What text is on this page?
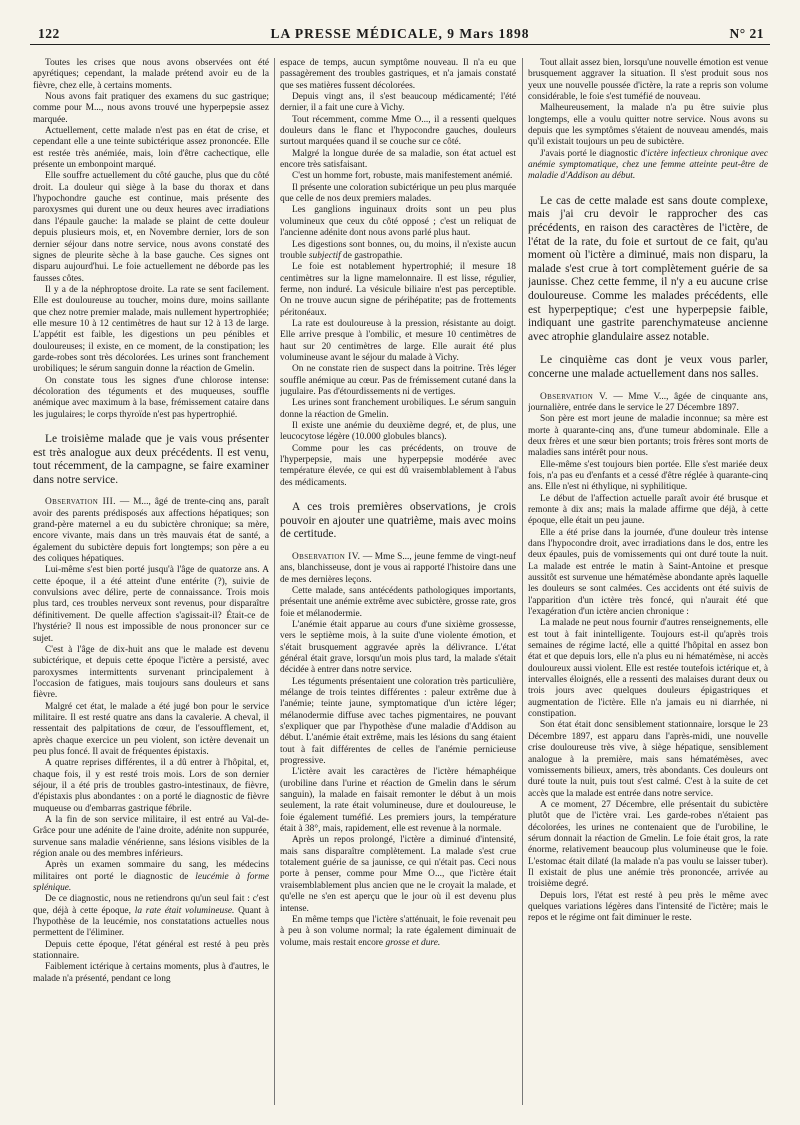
122	LA PRESSE MÉDICALE, 9 Mars 1898	N° 21

Toutes les crises que nous avons observées ont été apyrétiques; cependant, la malade prétend avoir eu de la fièvre, chez elle, à certains moments.

Nous avons fait pratiquer des examens du suc gastrique; comme pour M..., nous avons trouvé une hyperpepsie assez marquée.

Actuellement, cette malade n'est pas en état de crise, et cependant elle a une teinte subictérique assez prononcée. Elle est restée très anémiée, mais, loin d'être cachectique, elle présente un embonpoint marqué.

Elle souffre actuellement du côté gauche, plus que du côté droit. La douleur qui siège à la base du thorax et dans l'hypochondre gauche est continue, mais présente des paroxysmes qui durent une ou deux heures avec irradiations dans l'épaule gauche: la malade se plaint de cette douleur depuis plusieurs mois, et, en Novembre dernier, lors de son dernier séjour dans notre service, nous avons constaté des signes de pleurite sèche à la base gauche. Ces signes ont disparu aujourd'hui. Le foie actuellement ne déborde pas les fausses côtes.

Il y a de la néphroptose droite. La rate se sent facilement. Elle est douloureuse au toucher, moins dure, moins saillante que chez notre premier malade, mais nullement hypertrophiée; elle mesure 10 à 12 centimètres de haut sur 12 à 13 de large. L'appétit est faible, les digestions un peu pénibles et douloureuses; il existe, en ce moment, de la constipation; les garde-robes sont très décolorées. Les urines sont franchement urobiliques; le sérum sanguin donne la réaction de Gmelin.

On constate tous les signes d'une chlorose intense: décoloration des téguments et des muqueuses, souffle anémique avec maximum à la base, frémissement cataire dans les jugulaires; le corps thyroïde n'est pas hypertrophié.

Le troisième malade que je vais vous présenter est très analogue aux deux précédents. Il est venu, tout récemment, de la campagne, se faire examiner dans notre service.

Observation III. — M..., âgé de trente-cinq ans, paraît avoir des parents prédisposés aux affections hépatiques; son grand-père maternel a eu du subictère chronique; sa mère, encore vivante, mais dans un très mauvais état de santé, a également du subictère depuis fort longtemps; son père a eu des coliques hépatiques.

Lui-même s'est bien porté jusqu'à l'âge de quatorze ans. A cette époque, il a été atteint d'une entérite (?), suivie de convulsions avec délire, perte de connaissance. Trois mois plus tard, ces troubles nerveux sont revenus, pour disparaître définitivement. De quelle affection s'agissait-il? Était-ce de l'hystérie? Il nous est impossible de nous prononcer sur ce sujet.

C'est à l'âge de dix-huit ans que le malade est devenu subictérique, et depuis cette époque l'ictère a persisté, avec paroxysmes intermittents survenant principalement à l'occasion de fatigues, mais toujours sans douleurs et sans fièvre.

Malgré cet état, le malade a été jugé bon pour le service militaire. Il est resté quatre ans dans la cavalerie. A cheval, il ressentait des palpitations de cœur, de l'essoufflement, et, après chaque exercice un peu violent, son ictère devenait un peu plus foncé. Il avait de fréquentes épistaxis.

A quatre reprises différentes, il a dû entrer à l'hôpital, et, chaque fois, il y est resté trois mois. Lors de son dernier séjour, il a été pris de troubles gastro-intestinaux, de fièvre, d'épistaxis plus abondantes : on a porté le diagnostic de fièvre muqueuse ou d'embarras gastrique fébrile.

A la fin de son service militaire, il est entré au Val-de-Grâce pour une adénite de l'aine droite, adénite non suppurée, survenue sans maladie vénérienne, sans lésions visibles de la région anale ou des membres inférieurs.

Après un examen sommaire du sang, les médecins militaires ont porté le diagnostic de leucémie à forme splénique.

De ce diagnostic, nous ne retiendrons qu'un seul fait : c'est que, déjà à cette époque, la rate était volumineuse. Quant à l'hypothèse de la leucémie, nos constatations actuelles nous permettent de l'éliminer.

Depuis cette époque, l'état général est resté à peu près stationnaire.

Faiblement ictérique à certains moments, plus à d'autres, le malade n'a présenté, pendant ce long

espace de temps, aucun symptôme nouveau. Il n'a eu que passagèrement des troubles gastriques, et n'a jamais constaté que ses matières fussent décolorées.

Depuis vingt ans, il s'est beaucoup médicamenté; l'été dernier, il a fait une cure à Vichy.

Tout récemment, comme Mme O..., il a ressenti quelques douleurs dans le flanc et l'hypocondre gauches, douleurs surtout marquées quand il se couche sur ce côté.

Malgré la longue durée de sa maladie, son état actuel est encore très satisfaisant.

C'est un homme fort, robuste, mais manifestement anémié.

Il présente une coloration subictérique un peu plus marquée que celle de nos deux premiers malades.

Les ganglions inguinaux droits sont un peu plus volumineux que ceux du côté opposé ; c'est un reliquat de l'ancienne adénite dont nous avons parlé plus haut.

Les digestions sont bonnes, ou, du moins, il n'existe aucun trouble subjectif de gastropathie.

Le foie est notablement hypertrophié; il mesure 18 centimètres sur la ligne mamelonnaire. Il est lisse, régulier, ferme, non induré. La vésicule biliaire n'est pas perceptible. On ne trouve aucun signe de périhépatite; pas de frottements péritonéaux.

La rate est douloureuse à la pression, résistante au doigt. Elle arrive presque à l'ombilic, et mesure 10 centimètres de haut sur 20 centimètres de large. Elle aurait été plus volumineuse avant le séjour du malade à Vichy.

On ne constate rien de suspect dans la poitrine. Très léger souffle anémique au cœur. Pas de frémissement cutané dans la jugulaire. Pas d'étourdissements ni de vertiges.

Les urines sont franchement urobiliques. Le sérum sanguin donne la réaction de Gmelin.

Il existe une anémie du deuxième degré, et, de plus, une leucocytose légère (10.000 globules blancs).

Comme pour les cas précédents, on trouve de l'hyperpepsie, mais une hyperpepsie modérée avec température élevée, ce qui est dû vraisemblablement à l'abus des médicaments.

A ces trois premières observations, je crois pouvoir en ajouter une quatrième, mais avec moins de certitude.

Observation IV. — Mme S..., jeune femme de vingt-neuf ans, blanchisseuse, dont je vous ai rapporté l'histoire dans une de mes dernières leçons.

Cette malade, sans antécédents pathologiques importants, présentait une anémie extrême avec subictère, grosse rate, gros foie et mélanodermie.

L'anémie était apparue au cours d'une sixième grossesse, vers le septième mois, à la suite d'une violente émotion, et s'était brusquement aggravée après la délivrance. L'état général était grave, lorsqu'un mois plus tard, la malade s'était décidée à entrer dans notre service.

Les téguments présentaient une coloration très particulière, mélange de trois teintes différentes : paleur extrême due à l'anémie; teinte jaune, symptomatique d'un ictère léger; mélanodermie diffuse avec taches pigmentaires, ne pouvant s'expliquer que par l'hypothèse d'une maladie d'Addison au début. L'anémie était extrême, mais les lésions du sang étaient tout à fait différentes de celles de l'anémie pernicieuse progressive.

L'ictère avait les caractères de l'ictère hémaphéique (urobiline dans l'urine et réaction de Gmelin dans le sérum sanguin), la malade en faisait remonter le début à un mois seulement, la rate était volumineuse, dure et douloureuse, le foie également tuméfié. Les premiers jours, la température était à 38°, mais, rapidement, elle est revenue à la normale.

Après un repos prolongé, l'ictère a diminué d'intensité, mais sans disparaître complètement. La malade s'est crue totalement guérie de sa jaunisse, ce qui n'était pas. Ceci nous porte à penser, comme pour Mme O..., que l'ictère était vraisemblablement plus ancien que ne le croyait la malade, et qu'elle ne s'en est aperçu que le jour où il est devenu plus intense.

En même temps que l'ictère s'atténuait, le foie revenait peu à peu à son volume normal; la rate également diminuait de volume, mais restait encore grosse et dure.

Tout allait assez bien, lorsqu'une nouvelle émotion est venue brusquement aggraver la situation. Il s'est produit sous nos yeux une nouvelle poussée d'ictère, la rate a repris son volume considérable, le foie s'est tuméfié de nouveau.

Malheureusement, la malade n'a pu être suivie plus longtemps, elle a voulu quitter notre service. Nous avons su depuis que les symptômes s'étaient de nouveau amendés, mais qu'il existait toujours un peu de subictère.

J'avais porté le diagnostic d'ictère infectieux chronique avec anémie symptomatique, chez une femme atteinte peut-être de maladie d'Addison au début.

Le cas de cette malade est sans doute complexe, mais j'ai cru devoir le rapprocher des cas précédents, en raison des caractères de l'ictère, de l'état de la rate, du foie et surtout de ce fait, qu'au moment où l'ictère a diminué, mais non disparu, la malade s'est crue à tort complètement guérie de sa jaunisse. Chez cette femme, il n'y a eu aucune crise douloureuse. Comme les malades précédents, elle est hyperpeptique; c'est une hyperpepsie faible, indiquant une gastrite parenchymateuse ancienne avec atrophie glandulaire assez notable.

Le cinquième cas dont je veux vous parler, concerne une malade actuellement dans nos salles.

Observation V. — Mme V..., âgée de cinquante ans, journalière, entrée dans le service le 27 Décembre 1897.

Son père est mort jeune de maladie inconnue; sa mère est morte à quarante-cinq ans, d'une tumeur abdominale. Elle a deux frères et une sœur bien portants; trois frères sont morts de maladies sans intérêt pour nous.

Elle-même s'est toujours bien portée. Elle s'est mariée deux fois, n'a pas eu d'enfants et a cessé d'être réglée à quarante-cinq ans. Elle n'est ni éthylique, ni syphilitique.

Le début de l'affection actuelle paraît avoir été brusque et remonte à dix ans; mais la malade affirme que déjà, à cette époque, elle était un peu jaune.

Elle a été prise dans la journée, d'une douleur très intense dans l'hypocondre droit, avec irradiations dans le dos, entre les deux épaules, puis de vomissements qui ont duré toute la nuit. La malade est entrée le matin à Saint-Antoine et presque aussitôt est survenue une hématémèse abondante après laquelle les douleurs se sont calmées. Ces accidents ont été suivis de l'apparition d'un ictère très foncé, qui n'aurait été que l'exagération d'un ictère ancien chronique :

La malade ne peut nous fournir d'autres renseignements, elle est tout à fait inintelligente. Toujours est-il qu'après trois semaines de régime lacté, elle a quitté l'hôpital en assez bon état et que depuis lors, elle n'a plus eu ni hématémèse, ni accès douloureux aussi violent. Elle est restée toutefois ictérique et, à intervalles éloignés, elle a ressenti des malaises durant deux ou trois jours avec quelques douleurs épigastriques et augmentation de l'ictère. Elle n'a jamais eu ni diarrhée, ni constipation.

Son état était donc sensiblement stationnaire, lorsque le 23 Décembre 1897, est apparu dans l'après-midi, une nouvelle crise douloureuse très vive, à siège hépatique, sensiblement analogue à la première, mais sans hématémèses, avec vomissements bilieux, amers, très abondants. Ces douleurs ont duré toute la nuit, puis tout s'est calmé. C'est à la suite de cet accès que la malade est entrée dans notre service.

A ce moment, 27 Décembre, elle présentait du subictère plutôt que de l'ictère vrai. Les garde-robes n'étaient pas décolorées, les urines ne contenaient que de l'urobiline, le sérum donnait la réaction de Gmelin. Le foie était gros, la rate énorme, relativement beaucoup plus volumineuse que le foie. L'estomac était dilaté (la malade n'a pas voulu se laisser tuber). Il existait de plus une anémie très prononcée, arrivée au troisième degré.

Depuis lors, l'état est resté à peu près le même avec quelques variations légères dans l'intensité de l'ictère; mais le repos et le régime ont fait diminuer le reste.
